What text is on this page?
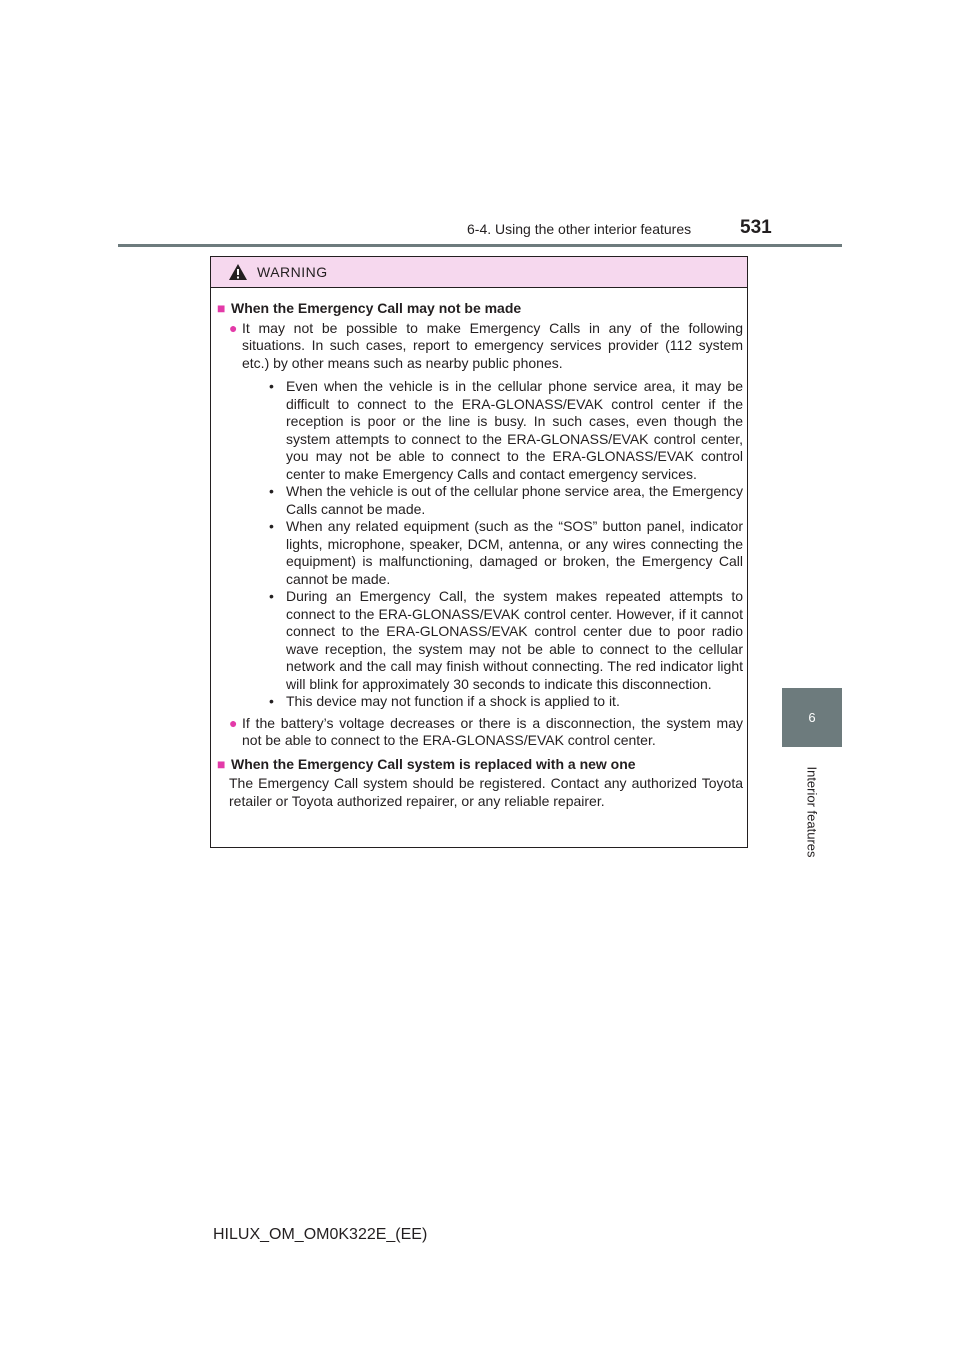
6-4. Using the other interior features	531
6
Interior features
WARNING
■ When the Emergency Call may not be made
● It may not be possible to make Emergency Calls in any of the following situations. In such cases, report to emergency services provider (112 system etc.) by other means such as nearby public phones.
• Even when the vehicle is in the cellular phone service area, it may be difficult to connect to the ERA-GLONASS/EVAK control center if the reception is poor or the line is busy. In such cases, even though the system attempts to connect to the ERA-GLONASS/EVAK control center, you may not be able to connect to the ERA-GLONASS/EVAK control center to make Emergency Calls and contact emergency services.
• When the vehicle is out of the cellular phone service area, the Emergency Calls cannot be made.
• When any related equipment (such as the “SOS” button panel, indicator lights, microphone, speaker, DCM, antenna, or any wires connecting the equipment) is malfunctioning, damaged or broken, the Emergency Call cannot be made.
• During an Emergency Call, the system makes repeated attempts to connect to the ERA-GLONASS/EVAK control center. However, if it cannot connect to the ERA-GLONASS/EVAK control center due to poor radio wave reception, the system may not be able to connect to the cellular network and the call may finish without connecting. The red indicator light will blink for approximately 30 seconds to indicate this disconnection.
• This device may not function if a shock is applied to it.
● If the battery’s voltage decreases or there is a disconnection, the system may not be able to connect to the ERA-GLONASS/EVAK control center.
■ When the Emergency Call system is replaced with a new one
The Emergency Call system should be registered. Contact any authorized Toyota retailer or Toyota authorized repairer, or any reliable repairer.
HILUX_OM_OM0K322E_(EE)
